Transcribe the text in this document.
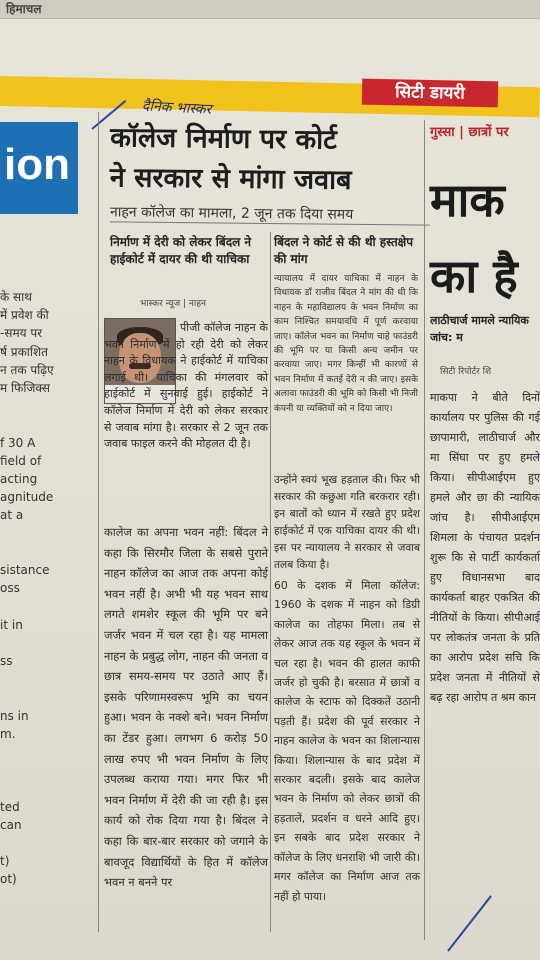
हिमाचल
सिटी डायरी
ion
दैनिक भास्कर
कॉलेज निर्माण पर कोर्ट
ने सरकार से मांगा जवाब
नाहन कॉलेज का मामला, 2 जून तक दिया समय
निर्माण में देरी को लेकर बिंदल ने हाईकोर्ट में दायर की थी याचिका
भास्कर न्यूज | नाहन
पीजी कॉलेज नाहन के भवन निर्माण में हो रही देरी को लेकर नाहन के विधायक ने हाईकोर्ट में याचिका लगाई थी। याचिका की मंगलवार को हाईकोर्ट में सुनवाई हुई। हाईकोर्ट ने कॉलेज निर्माण में देरी को लेकर सरकार से जवाब मांगा है। सरकार से 2 जून तक जवाब फाइल करने की मोहलत दी है।
कालेज का अपना भवन नहीं: बिंदल ने कहा कि सिरमौर जिला के सबसे पुराने नाहन कॉलेज का आज तक अपना कोई भवन नहीं है। अभी भी यह भवन साथ लगते शमशेर स्कूल की भूमि पर बने जर्जर भवन में चल रहा है। यह मामला नाहन के प्रबुद्ध लोग, नाहन की जनता व छात्र समय-समय पर उठाते आए हैं। इसके परिणामस्वरूप भूमि का चयन हुआ। भवन के नक्शे बने। भवन निर्माण का टेंडर हुआ। लगभग 6 करोड़ 50 लाख रुपए भी भवन निर्माण के लिए उपलब्ध कराया गया। मगर फिर भी भवन निर्माण में देरी की जा रही है। इस कार्य को रोक दिया गया है। बिंदल ने कहा कि बार-बार सरकार को जगाने के बावजूद विद्यार्थियों के हित में कॉलेज भवन न बनने पर
बिंदल ने कोर्ट से की थी हस्तक्षेप की मांग
न्यायालय में दायर याचिका में नाहन के विधायक डॉ राजीव बिंदल ने मांग की थी कि नाहन के महाविद्यालय के भवन निर्माण का काम निश्चित समयावधि में पूर्ण करवाया जाए। कॉलेज भवन का निर्माण चाहे फाउंडरी की भूमि पर या किसी अन्य जमीन पर करवाया जाए। मगर किन्हीं भी कारणों से भवन निर्माण में कतई देरी न की जाए। इसके अलावा फाउंडरी की भूमि को किसी भी निजी कंपनी या व्यक्तियों को न दिया जाए।
उन्होंने स्वयं भूख हड़ताल की। फिर भी सरकार की कछुआ गति बरकरार रही। इन बातों को ध्यान में रखते हुए प्रदेश हाईकोर्ट में एक याचिका दायर की थी। इस पर न्यायालय ने सरकार से जवाब तलब किया है।
60 के दशक में मिला कॉलेज: 1960 के दशक में नाहन को डिग्री कालेज का तोहफा मिला। तब से लेकर आज तक यह स्कूल के भवन में चल रहा है। भवन की हालत काफी जर्जर हो चुकी है। बरसात में छात्रों व कालेज के स्टाफ को दिक्कतें उठानी पड़ती हैं। प्रदेश की पूर्व सरकार ने नाहन कालेज के भवन का शिलान्यास किया। शिलान्यास के बाद प्रदेश में सरकार बदली। इसके बाद कालेज भवन के निर्माण को लेकर छात्रों की हड़तालें, प्रदर्शन व धरने आदि हुए। इन सबके बाद प्रदेश सरकार ने कॉलेज के लिए धनराशि भी जारी की। मगर कॉलेज का निर्माण आज तक नहीं हो पाया।
गुस्सा | छात्रों पर
माक
का है
लाठीचार्ज मामले न्यायिक जांच: म
सिटी रिपोर्टर शि
माकपा ने बीते दिनों कार्यालय पर पुलिस की गई छापामारी, लाठीचार्ज और मा सिंघा पर हुए हमले किया। सीपीआईएम हुए हमले और छा की न्यायिक जांच है। सीपीआईएम शिमला के पंचायत प्रदर्शन शुरू कि से पार्टी कार्यकर्ता हुए विधानसभा बाद कार्यकर्ता बाहर एकत्रित की नीतियों के किया। सीपीआई पर लोकतंत्र जनता के प्रति का आरोप प्रदेश सचि कि प्रदेश जनता में नीतियों से बढ़ रहा आरोप त श्रम कान
के साथ
में प्रवेश की
-समय पर
र्ष प्रकाशित
न तक पढ़िए
म फिजिक्स
f 30 A
field of
acting
agnitude
at a
sistance
oss
it in
ss
ns in
m.
ted
can
t)
ot)
